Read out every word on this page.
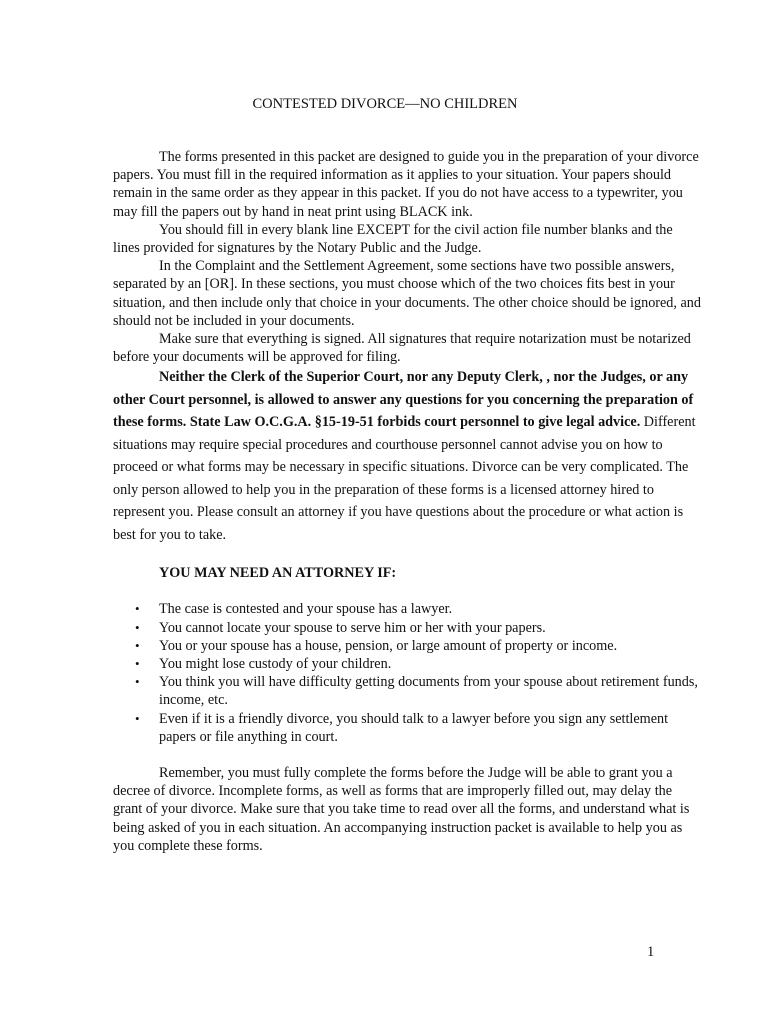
CONTESTED DIVORCE—NO CHILDREN

The forms presented in this packet are designed to guide you in the preparation of your divorce papers. You must fill in the required information as it applies to your situation. Your papers should remain in the same order as they appear in this packet. If you do not have access to a typewriter, you may fill the papers out by hand in neat print using BLACK ink.

You should fill in every blank line EXCEPT for the civil action file number blanks and the lines provided for signatures by the Notary Public and the Judge.

In the Complaint and the Settlement Agreement, some sections have two possible answers, separated by an [OR]. In these sections, you must choose which of the two choices fits best in your situation, and then include only that choice in your documents. The other choice should be ignored, and should not be included in your documents.

Make sure that everything is signed. All signatures that require notarization must be notarized before your documents will be approved for filing.

Neither the Clerk of the Superior Court, nor any Deputy Clerk, , nor the Judges, or any other Court personnel, is allowed to answer any questions for you concerning the preparation of these forms. State Law O.C.G.A. §15-19-51 forbids court personnel to give legal advice. Different situations may require special procedures and courthouse personnel cannot advise you on how to proceed or what forms may be necessary in specific situations. Divorce can be very complicated. The only person allowed to help you in the preparation of these forms is a licensed attorney hired to represent you. Please consult an attorney if you have questions about the procedure or what action is best for you to take.

YOU MAY NEED AN ATTORNEY IF:

• The case is contested and your spouse has a lawyer.
• You cannot locate your spouse to serve him or her with your papers.
• You or your spouse has a house, pension, or large amount of property or income.
• You might lose custody of your children.
• You think you will have difficulty getting documents from your spouse about retirement funds, income, etc.
• Even if it is a friendly divorce, you should talk to a lawyer before you sign any settlement papers or file anything in court.

Remember, you must fully complete the forms before the Judge will be able to grant you a decree of divorce. Incomplete forms, as well as forms that are improperly filled out, may delay the grant of your divorce. Make sure that you take time to read over all the forms, and understand what is being asked of you in each situation. An accompanying instruction packet is available to help you as you complete these forms.

1
